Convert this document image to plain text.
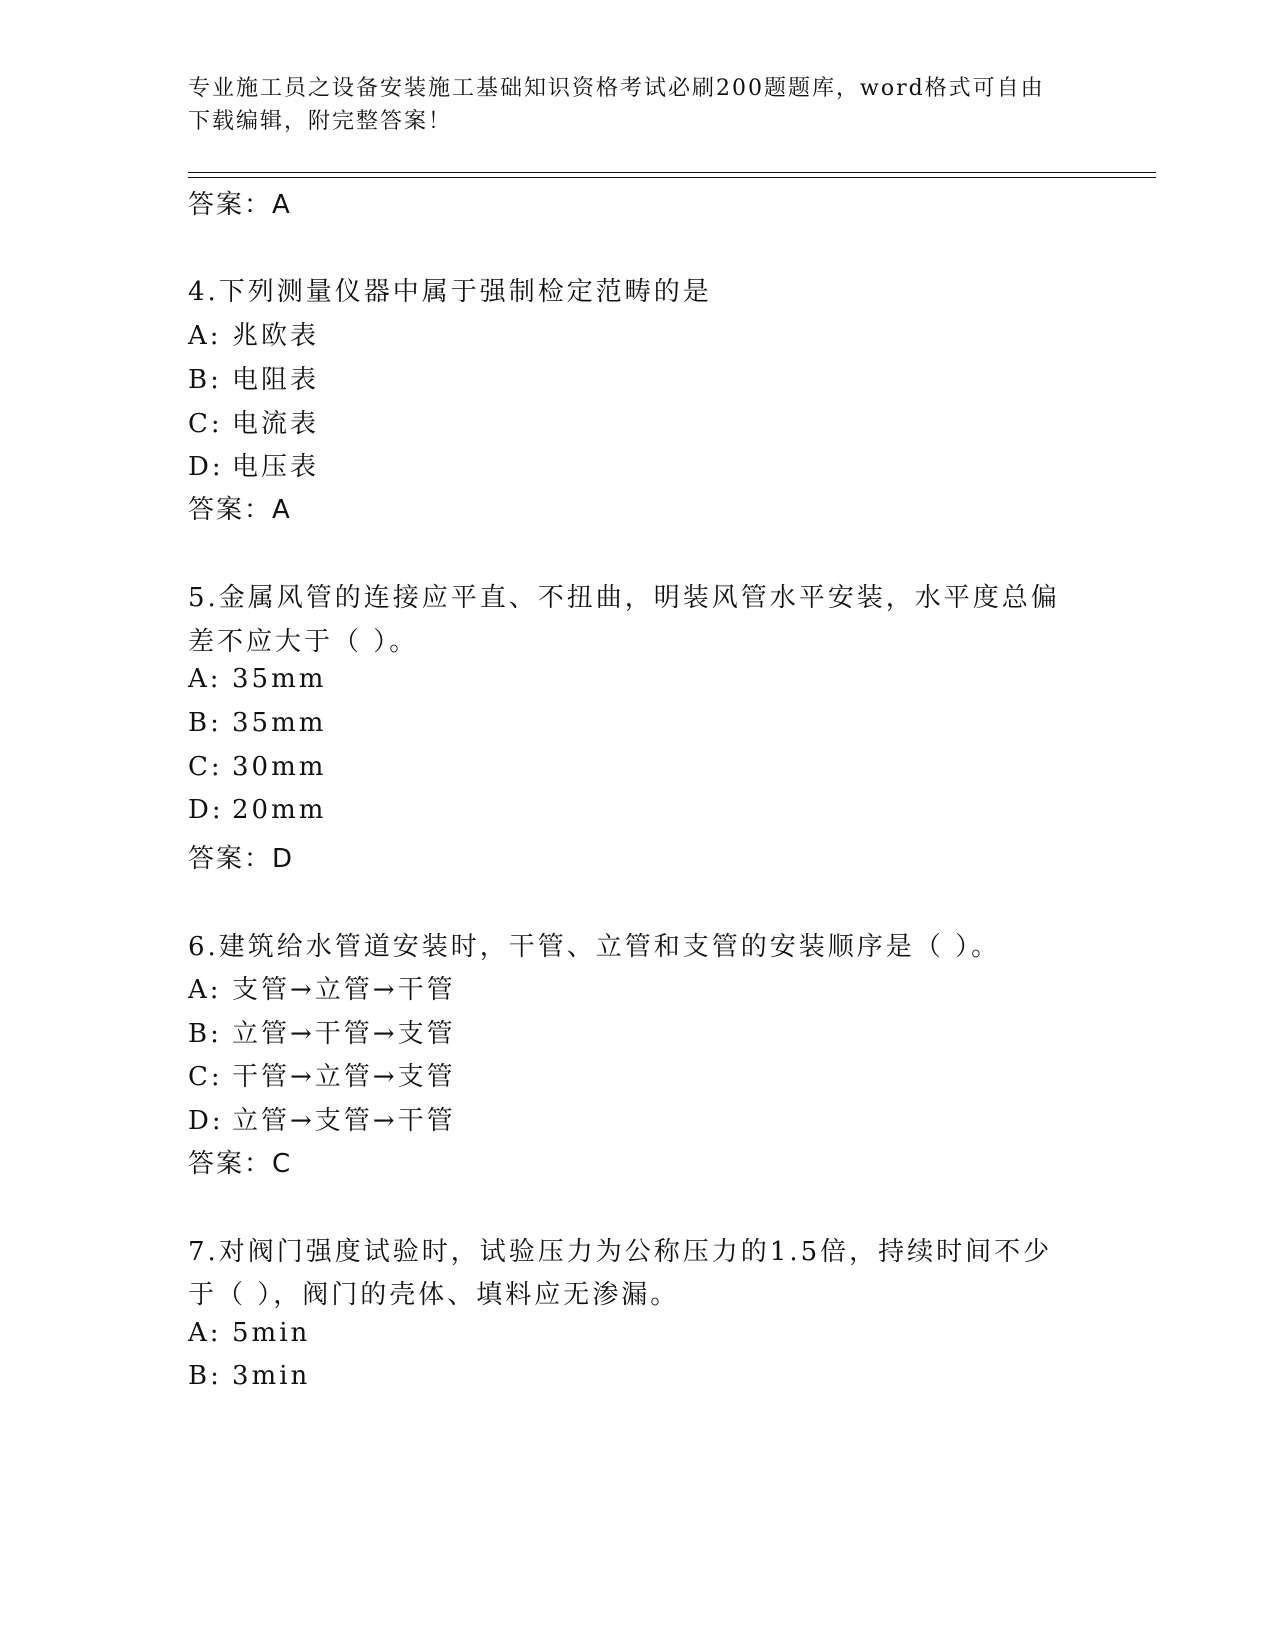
专业施工员之设备安装施工基础知识资格考试必刷200题题库，word格式可自由下载编辑，附完整答案！
答案：A
4.下列测量仪器中属于强制检定范畴的是
A: 兆欧表
B: 电阻表
C: 电流表
D: 电压表
答案：A
5.金属风管的连接应平直、不扭曲，明装风管水平安装，水平度总偏
差不应大于（ ）。
A: 35mm
B: 35mm
C: 30mm
D: 20mm
答案：D
6.建筑给水管道安装时，干管、立管和支管的安装顺序是（ ）。
A: 支管→立管→干管
B: 立管→干管→支管
C: 干管→立管→支管
D: 立管→支管→干管
答案：C
7.对阀门强度试验时，试验压力为公称压力的1.5倍，持续时间不少
于（ ），阀门的壳体、填料应无渗漏。
A: 5min
B: 3min
